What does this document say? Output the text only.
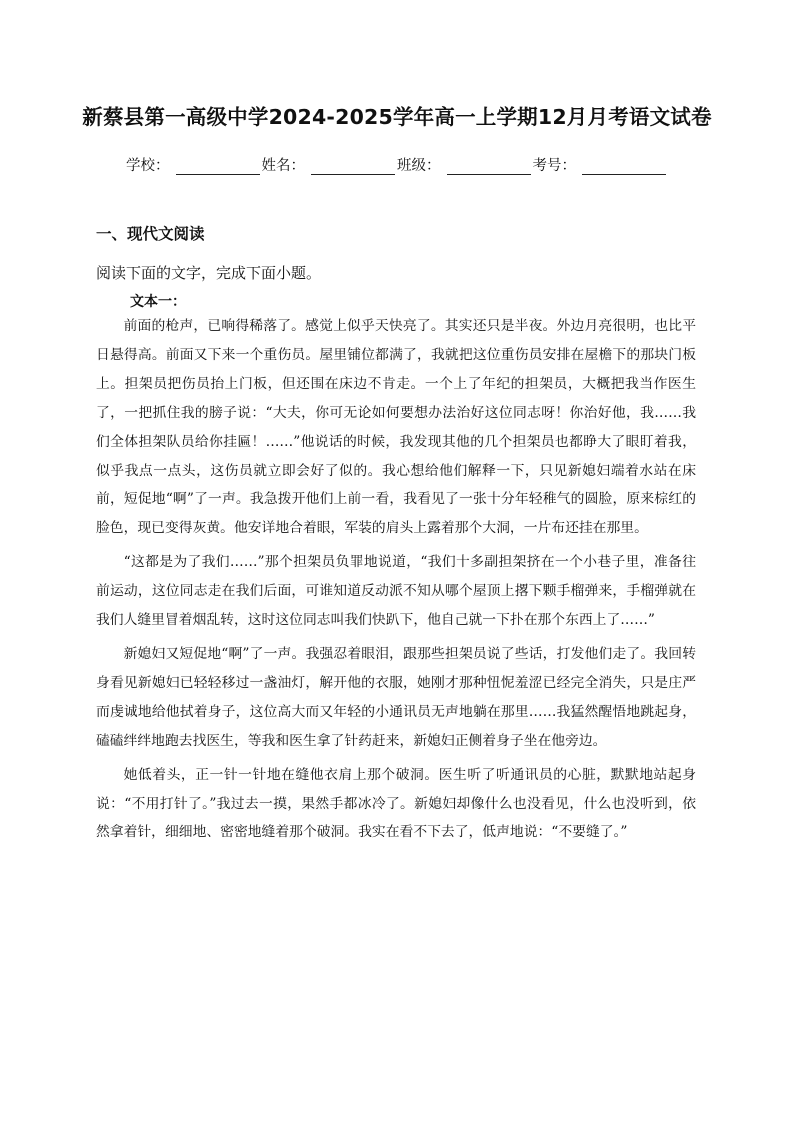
新蔡县第一高级中学2024-2025学年高一上学期12月月考语文试卷
学校：	姓名：	班级：	考号：
一、现代文阅读
阅读下面的文字，完成下面小题。
文本一：

前面的枪声，已响得稀落了。感觉上似乎天快亮了。其实还只是半夜。外边月亮很明，也比平日悬得高。前面又下来一个重伤员。屋里铺位都满了，我就把这位重伤员安排在屋檐下的那块门板上。担架员把伤员抬上门板，但还围在床边不肯走。一个上了年纪的担架员，大概把我当作医生了，一把抓住我的膀子说：“大夫，你可无论如何要想办法治好这位同志呀！你治好他，我……我们全体担架队员给你挂匾！……”他说话的时候，我发现其他的几个担架员也都睁大了眼盯着我，似乎我点一点头，这伤员就立即会好了似的。我心想给他们解释一下，只见新媳妇端着水站在床前，短促地“啊”了一声。我急拨开他们上前一看，我看见了一张十分年轻稚气的圆脸，原来棕红的脸色，现已变得灰黄。他安详地合着眼，军装的肩头上露着那个大洞，一片布还挂在那里。

“这都是为了我们……”那个担架员负罪地说道，“我们十多副担架挤在一个小巷子里，准备往前运动，这位同志走在我们后面，可谁知道反动派不知从哪个屋顶上撂下颗手榴弹来，手榴弹就在我们人缝里冒着烟乱转，这时这位同志叫我们快趴下，他自己就一下扑在那个东西上了……”

新媳妇又短促地“啊”了一声。我强忍着眼泪，跟那些担架员说了些话，打发他们走了。我回转身看见新媳妇已轻轻移过一盏油灯，解开他的衣服，她刚才那种忸怩羞涩已经完全消失，只是庄严而虔诚地给他拭着身子，这位高大而又年轻的小通讯员无声地躺在那里……我猛然醒悟地跳起身，磕磕绊绊地跑去找医生，等我和医生拿了针药赶来，新媳妇正侧着身子坐在他旁边。

她低着头，正一针一针地在缝他衣肩上那个破洞。医生听了听通讯员的心脏，默默地站起身说：“不用打针了。”我过去一摸，果然手都冰冷了。新媳妇却像什么也没看见，什么也没听到，依然拿着针，细细地、密密地缝着那个破洞。我实在看不下去了，低声地说：“不要缝了。”
